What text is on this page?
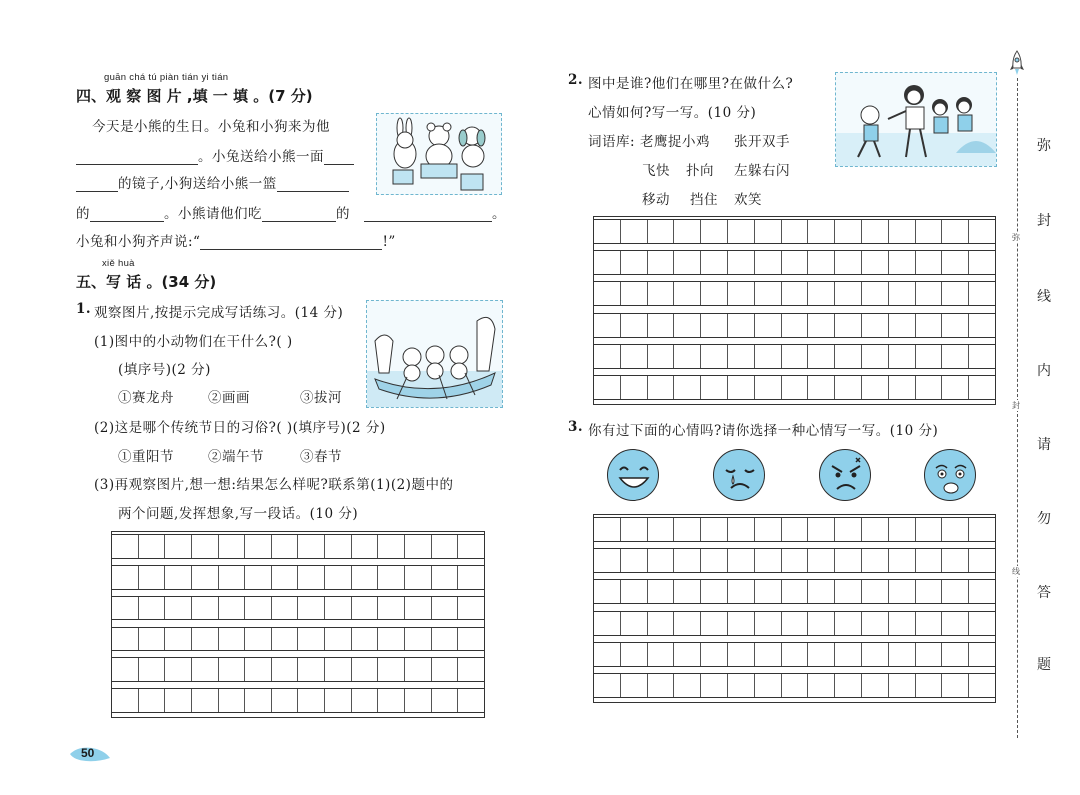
guān chá tú piàn tián yi tián
四、观 察 图 片 ,填 一 填 。(7 分)
今天是小熊的生日。小兔和小狗来为他
。小兔送给小熊一面
的镜子,小狗送给小熊一篮
的	。小熊请他们吃	的	。
小兔和小狗齐声说:“	!”
xiě huà
五、写 话 。(34 分)
1. 观察图片,按提示完成写话练习。(14 分)
(1)图中的小动物们在干什么?( )
(填序号)(2 分)
①赛龙舟	②画画	③拔河
(2)这是哪个传统节日的习俗?( )(填序号)(2 分)
①重阳节	②端午节	③春节
(3)再观察图片,想一想:结果怎么样呢?联系第(1)(2)题中的
两个问题,发挥想象,写一段话。(10 分)
50
2. 图中是谁?他们在哪里?在做什么?
心情如何?写一写。(10 分)
词语库: 老鹰捉小鸡 张开双手
飞快 扑向 左躲右闪
移动 挡住 欢笑
3. 你有过下面的心情吗?请你选择一种心情写一写。(10 分)
弥
封
线
弥
封
线
内
请
勿
答
题
